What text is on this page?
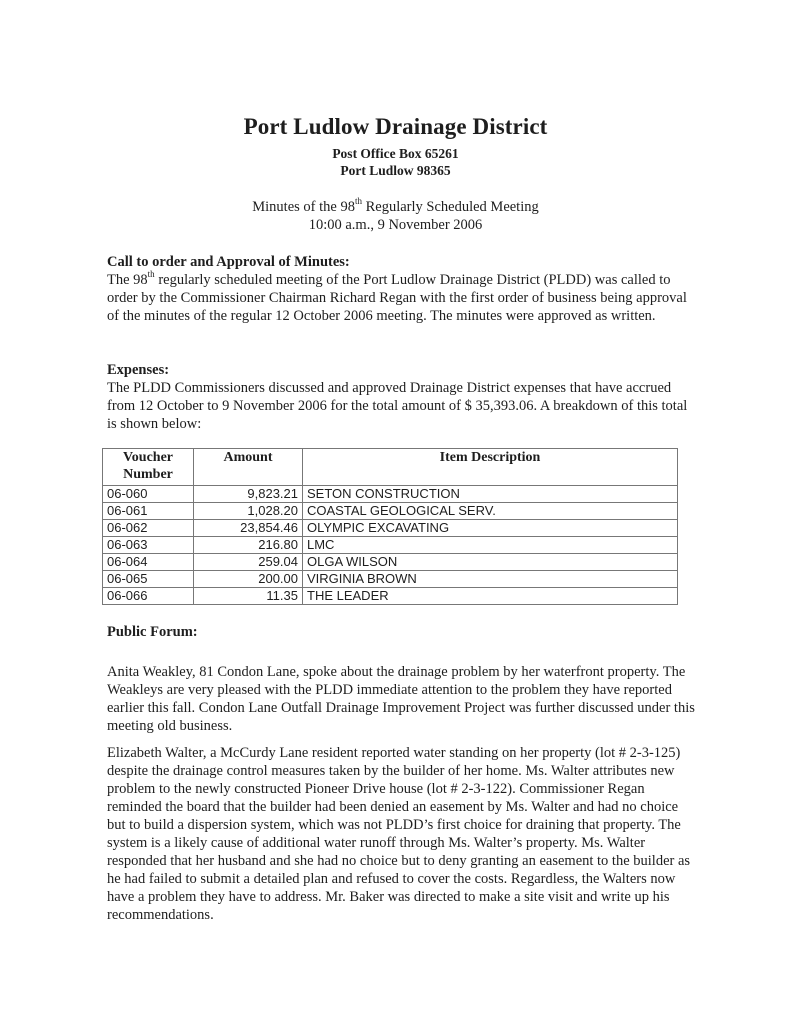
Port Ludlow Drainage District
Post Office Box 65261
Port Ludlow 98365
Minutes of the 98th Regularly Scheduled Meeting
10:00 a.m., 9 November 2006
Call to order and Approval of Minutes:
The 98th regularly scheduled meeting of the Port Ludlow Drainage District (PLDD) was called to order by the Commissioner Chairman Richard Regan with the first order of business being approval of the minutes of the regular 12 October 2006 meeting. The minutes were approved as written.
Expenses:
The PLDD Commissioners discussed and approved Drainage District expenses that have accrued from 12 October to 9 November 2006 for the total amount of $ 35,393.06. A breakdown of this total is shown below:
Voucher Number	Amount	Item Description
06-060	9,823.21	SETON CONSTRUCTION
06-061	1,028.20	COASTAL GEOLOGICAL SERV.
06-062	23,854.46	OLYMPIC EXCAVATING
06-063	216.80	LMC
06-064	259.04	OLGA WILSON
06-065	200.00	VIRGINIA BROWN
06-066	11.35	THE LEADER
Public Forum:
Anita Weakley, 81 Condon Lane, spoke about the drainage problem by her waterfront property. The Weakleys are very pleased with the PLDD immediate attention to the problem they have reported earlier this fall. Condon Lane Outfall Drainage Improvement Project was further discussed under this meeting old business.
Elizabeth Walter, a McCurdy Lane resident reported water standing on her property (lot # 2-3-125) despite the drainage control measures taken by the builder of her home. Ms. Walter attributes new problem to the newly constructed Pioneer Drive house (lot # 2-3-122). Commissioner Regan reminded the board that the builder had been denied an easement by Ms. Walter and had no choice but to build a dispersion system, which was not PLDD’s first choice for draining that property. The system is a likely cause of additional water runoff through Ms. Walter’s property. Ms. Walter responded that her husband and she had no choice but to deny granting an easement to the builder as he had failed to submit a detailed plan and refused to cover the costs. Regardless, the Walters now have a problem they have to address. Mr. Baker was directed to make a site visit and write up his recommendations.
